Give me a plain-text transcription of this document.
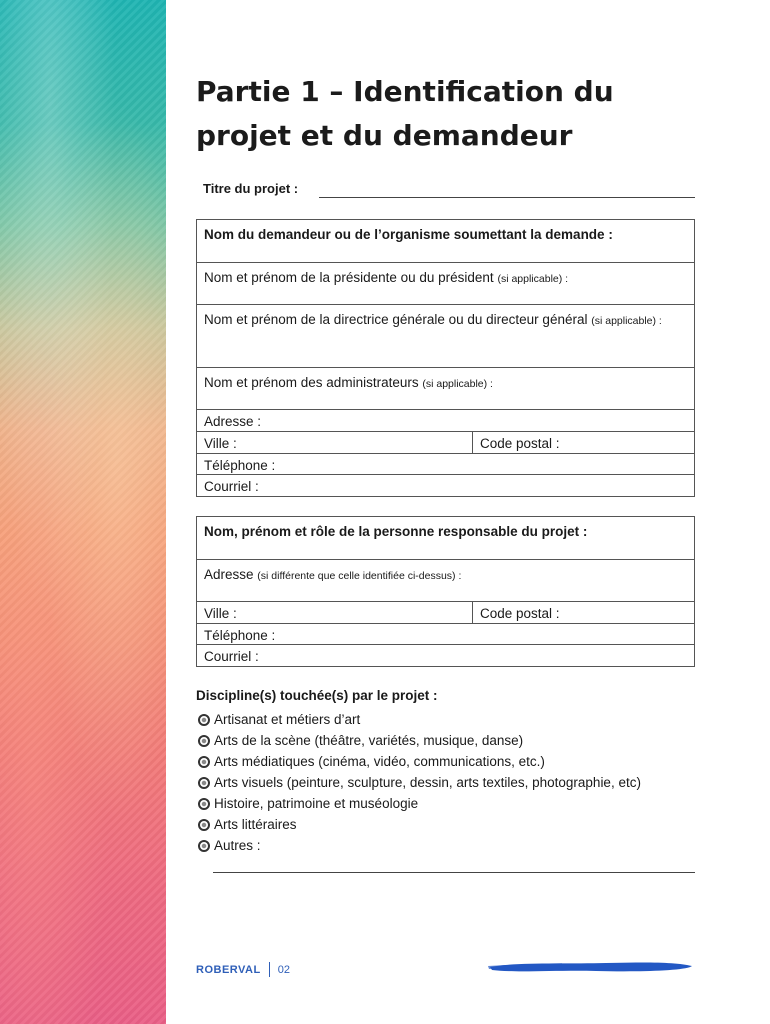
Partie 1 – Identification du projet et du demandeur
Titre du projet :
Nom du demandeur ou de l’organisme soumettant la demande :
Nom et prénom de la présidente ou du président (si applicable) :
Nom et prénom de la directrice générale ou du directeur général (si applicable) :
Nom et prénom des administrateurs (si applicable) :
Adresse :
Ville :	Code postal :
Téléphone :
Courriel :
Nom, prénom et rôle de la personne responsable du projet :
Adresse (si différente que celle identifiée ci-dessus) :
Ville :	Code postal :
Téléphone :
Courriel :
Discipline(s) touchée(s) par le projet :
Artisanat et métiers d’art
Arts de la scène (théâtre, variétés, musique, danse)
Arts médiatiques (cinéma, vidéo, communications, etc.)
Arts visuels (peinture, sculpture, dessin, arts textiles, photographie, etc)
Histoire, patrimoine et muséologie
Arts littéraires
Autres :
ROBERVAL 02
